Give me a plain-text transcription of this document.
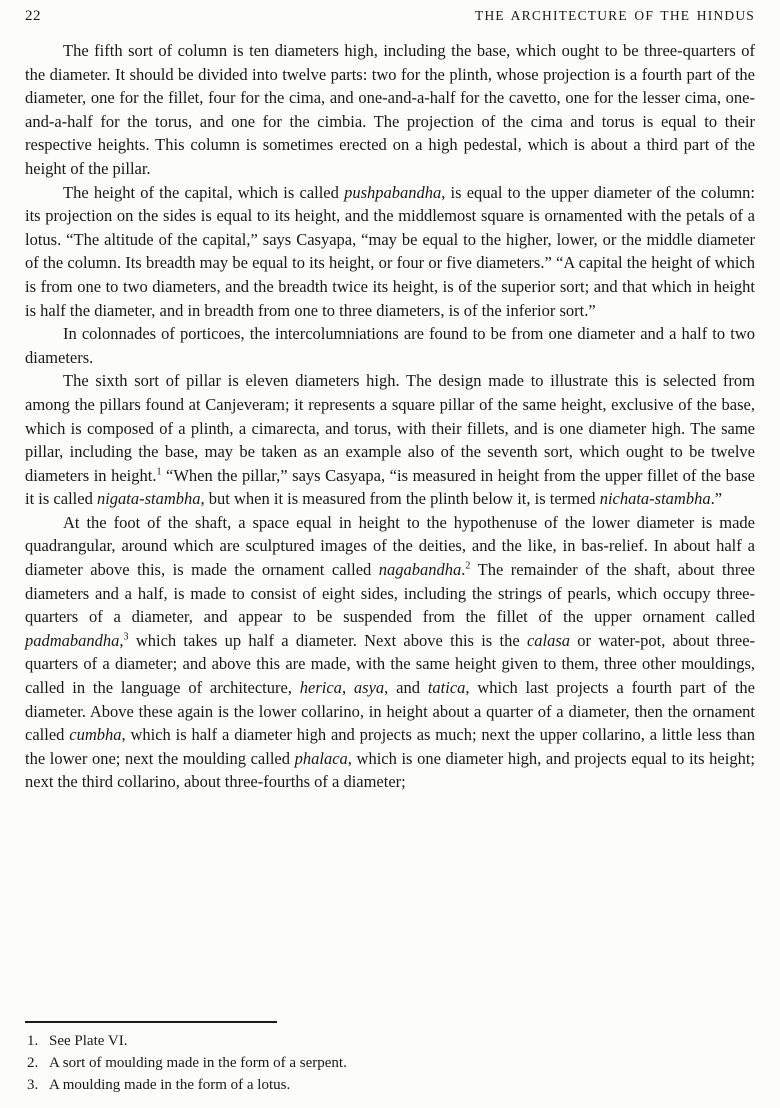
22	THE ARCHITECTURE OF THE HINDUS

The fifth sort of column is ten diameters high, including the base, which ought to be three-quarters of the diameter. It should be divided into twelve parts: two for the plinth, whose projection is a fourth part of the diameter, one for the fillet, four for the cima, and one-and-a-half for the cavetto, one for the lesser cima, one-and-a-half for the torus, and one for the cimbia. The projection of the cima and torus is equal to their respective heights. This column is sometimes erected on a high pedestal, which is about a third part of the height of the pillar.

The height of the capital, which is called pushpabandha, is equal to the upper diameter of the column: its projection on the sides is equal to its height, and the middlemost square is ornamented with the petals of a lotus. “The altitude of the capital,” says Casyapa, “may be equal to the higher, lower, or the middle diameter of the column. Its breadth may be equal to its height, or four or five diameters.” “A capital the height of which is from one to two diameters, and the breadth twice its height, is of the superior sort; and that which in height is half the diameter, and in breadth from one to three diameters, is of the inferior sort.”

In colonnades of porticoes, the intercolumniations are found to be from one diameter and a half to two diameters.

The sixth sort of pillar is eleven diameters high. The design made to illustrate this is selected from among the pillars found at Canjeveram; it represents a square pillar of the same height, exclusive of the base, which is composed of a plinth, a cimarecta, and torus, with their fillets, and is one diameter high. The same pillar, including the base, may be taken as an example also of the seventh sort, which ought to be twelve diameters in height.$^1$ “When the pillar,” says Casyapa, “is measured in height from the upper fillet of the base it is called nigata-stambha, but when it is measured from the plinth below it, is termed nichata-stambha.”

At the foot of the shaft, a space equal in height to the hypothenuse of the lower diameter is made quadrangular, around which are sculptured images of the deities, and the like, in bas-relief. In about half a diameter above this, is made the ornament called nagabandha.$^2$ The remainder of the shaft, about three diameters and a half, is made to consist of eight sides, including the strings of pearls, which occupy three-quarters of a diameter, and appear to be suspended from the fillet of the upper ornament called padmabandha,$^3$ which takes up half a diameter. Next above this is the calasa or water-pot, about three-quarters of a diameter; and above this are made, with the same height given to them, three other mouldings, called in the language of architecture, herica, asya, and tatica, which last projects a fourth part of the diameter. Above these again is the lower collarino, in height about a quarter of a diameter, then the ornament called cumbha, which is half a diameter high and projects as much; next the upper collarino, a little less than the lower one; next the moulding called phalaca, which is one diameter high, and projects equal to its height; next the third collarino, about three-fourths of a diameter;

1. See Plate VI.
2. A sort of moulding made in the form of a serpent.
3. A moulding made in the form of a lotus.
